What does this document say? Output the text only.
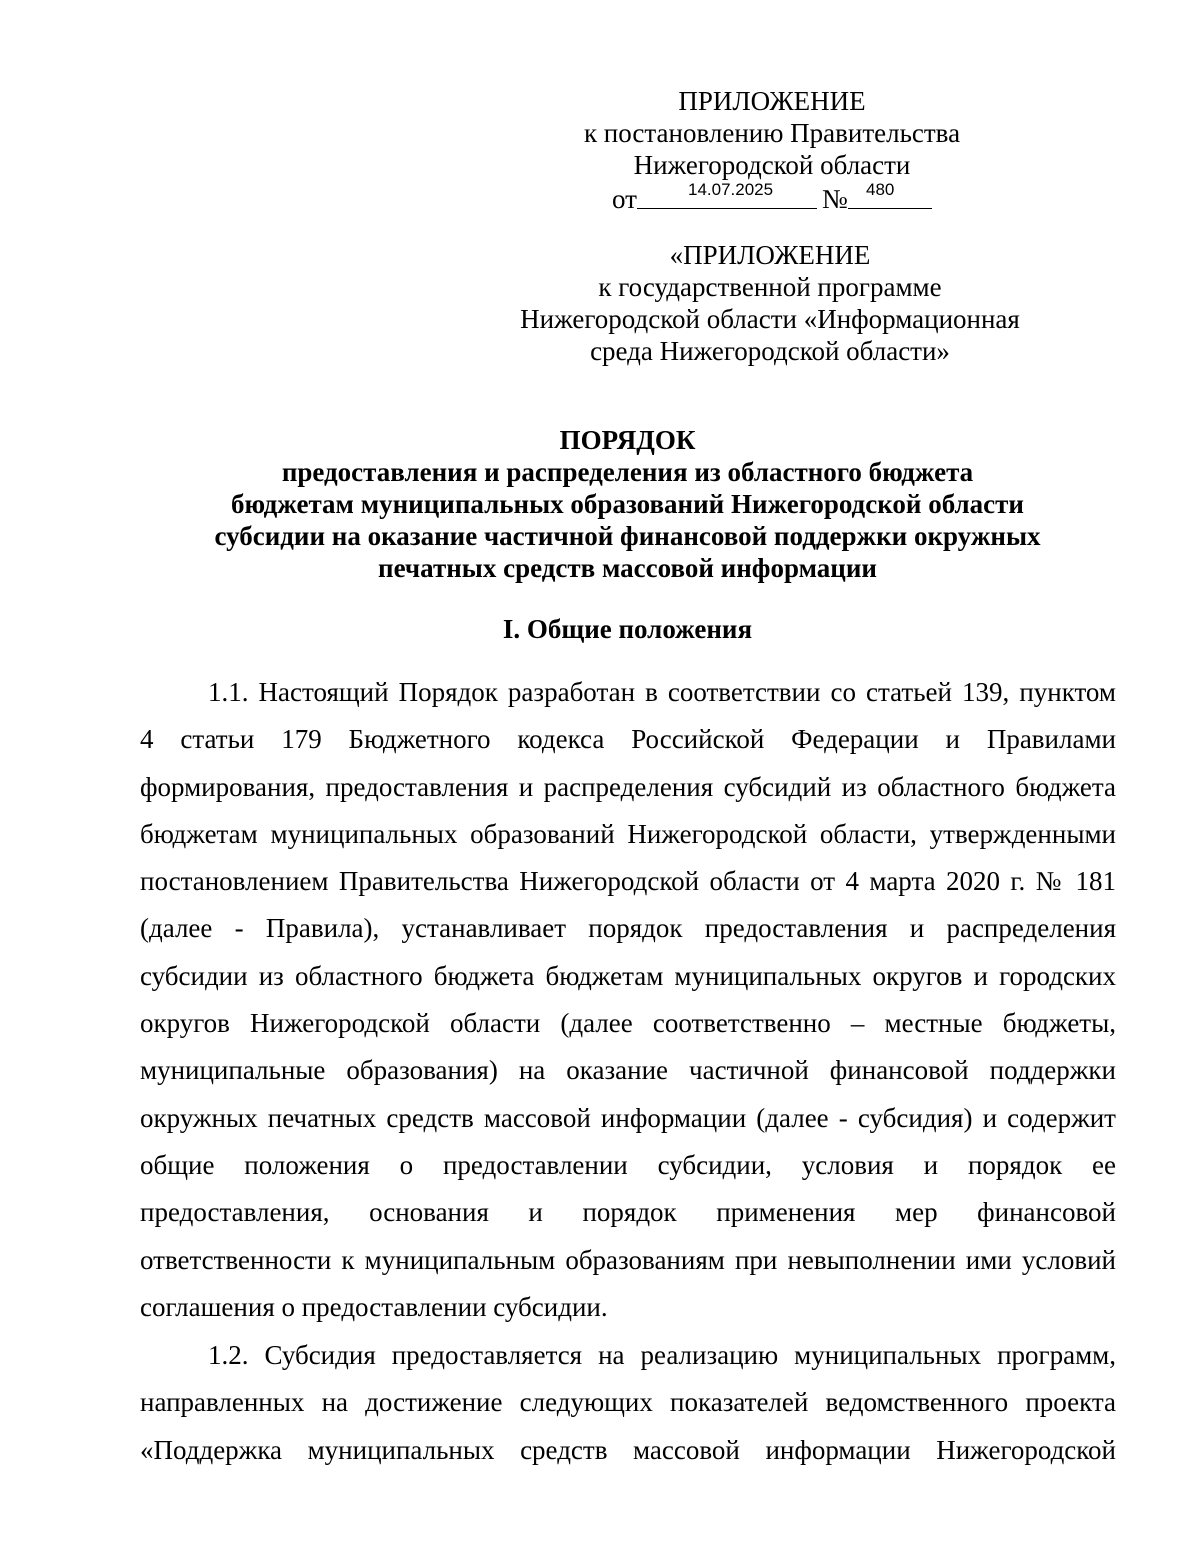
ПРИЛОЖЕНИЕ
к постановлению Правительства
Нижегородской области
от	14.07.2025 № 480
«ПРИЛОЖЕНИЕ
к государственной программе
Нижегородской области «Информационная
среда Нижегородской области»
ПОРЯДОК
предоставления и распределения из областного бюджета
бюджетам муниципальных образований Нижегородской области
субсидии на оказание частичной финансовой поддержки окружных
печатных средств массовой информации
I. Общие положения
1.1. Настоящий Порядок разработан в соответствии со статьей 139, пунктом
4 статьи 179 Бюджетного кодекса Российской Федерации и Правилами
формирования, предоставления и распределения субсидий из областного бюджета
бюджетам муниципальных образований Нижегородской области, утвержденными
постановлением Правительства Нижегородской области от 4 марта 2020 г. № 181
(далее - Правила), устанавливает порядок предоставления и распределения
субсидии из областного бюджета бюджетам муниципальных округов и городских
округов Нижегородской области (далее соответственно – местные бюджеты,
муниципальные образования) на оказание частичной финансовой поддержки
окружных печатных средств массовой информации (далее - субсидия) и содержит
общие положения о предоставлении субсидии, условия и порядок ее
предоставления, основания и порядок применения мер финансовой
ответственности к муниципальным образованиям при невыполнении ими условий
соглашения о предоставлении субсидии.
1.2. Субсидия предоставляется на реализацию муниципальных программ,
направленных на достижение следующих показателей ведомственного проекта
«Поддержка муниципальных средств массовой информации Нижегородской
